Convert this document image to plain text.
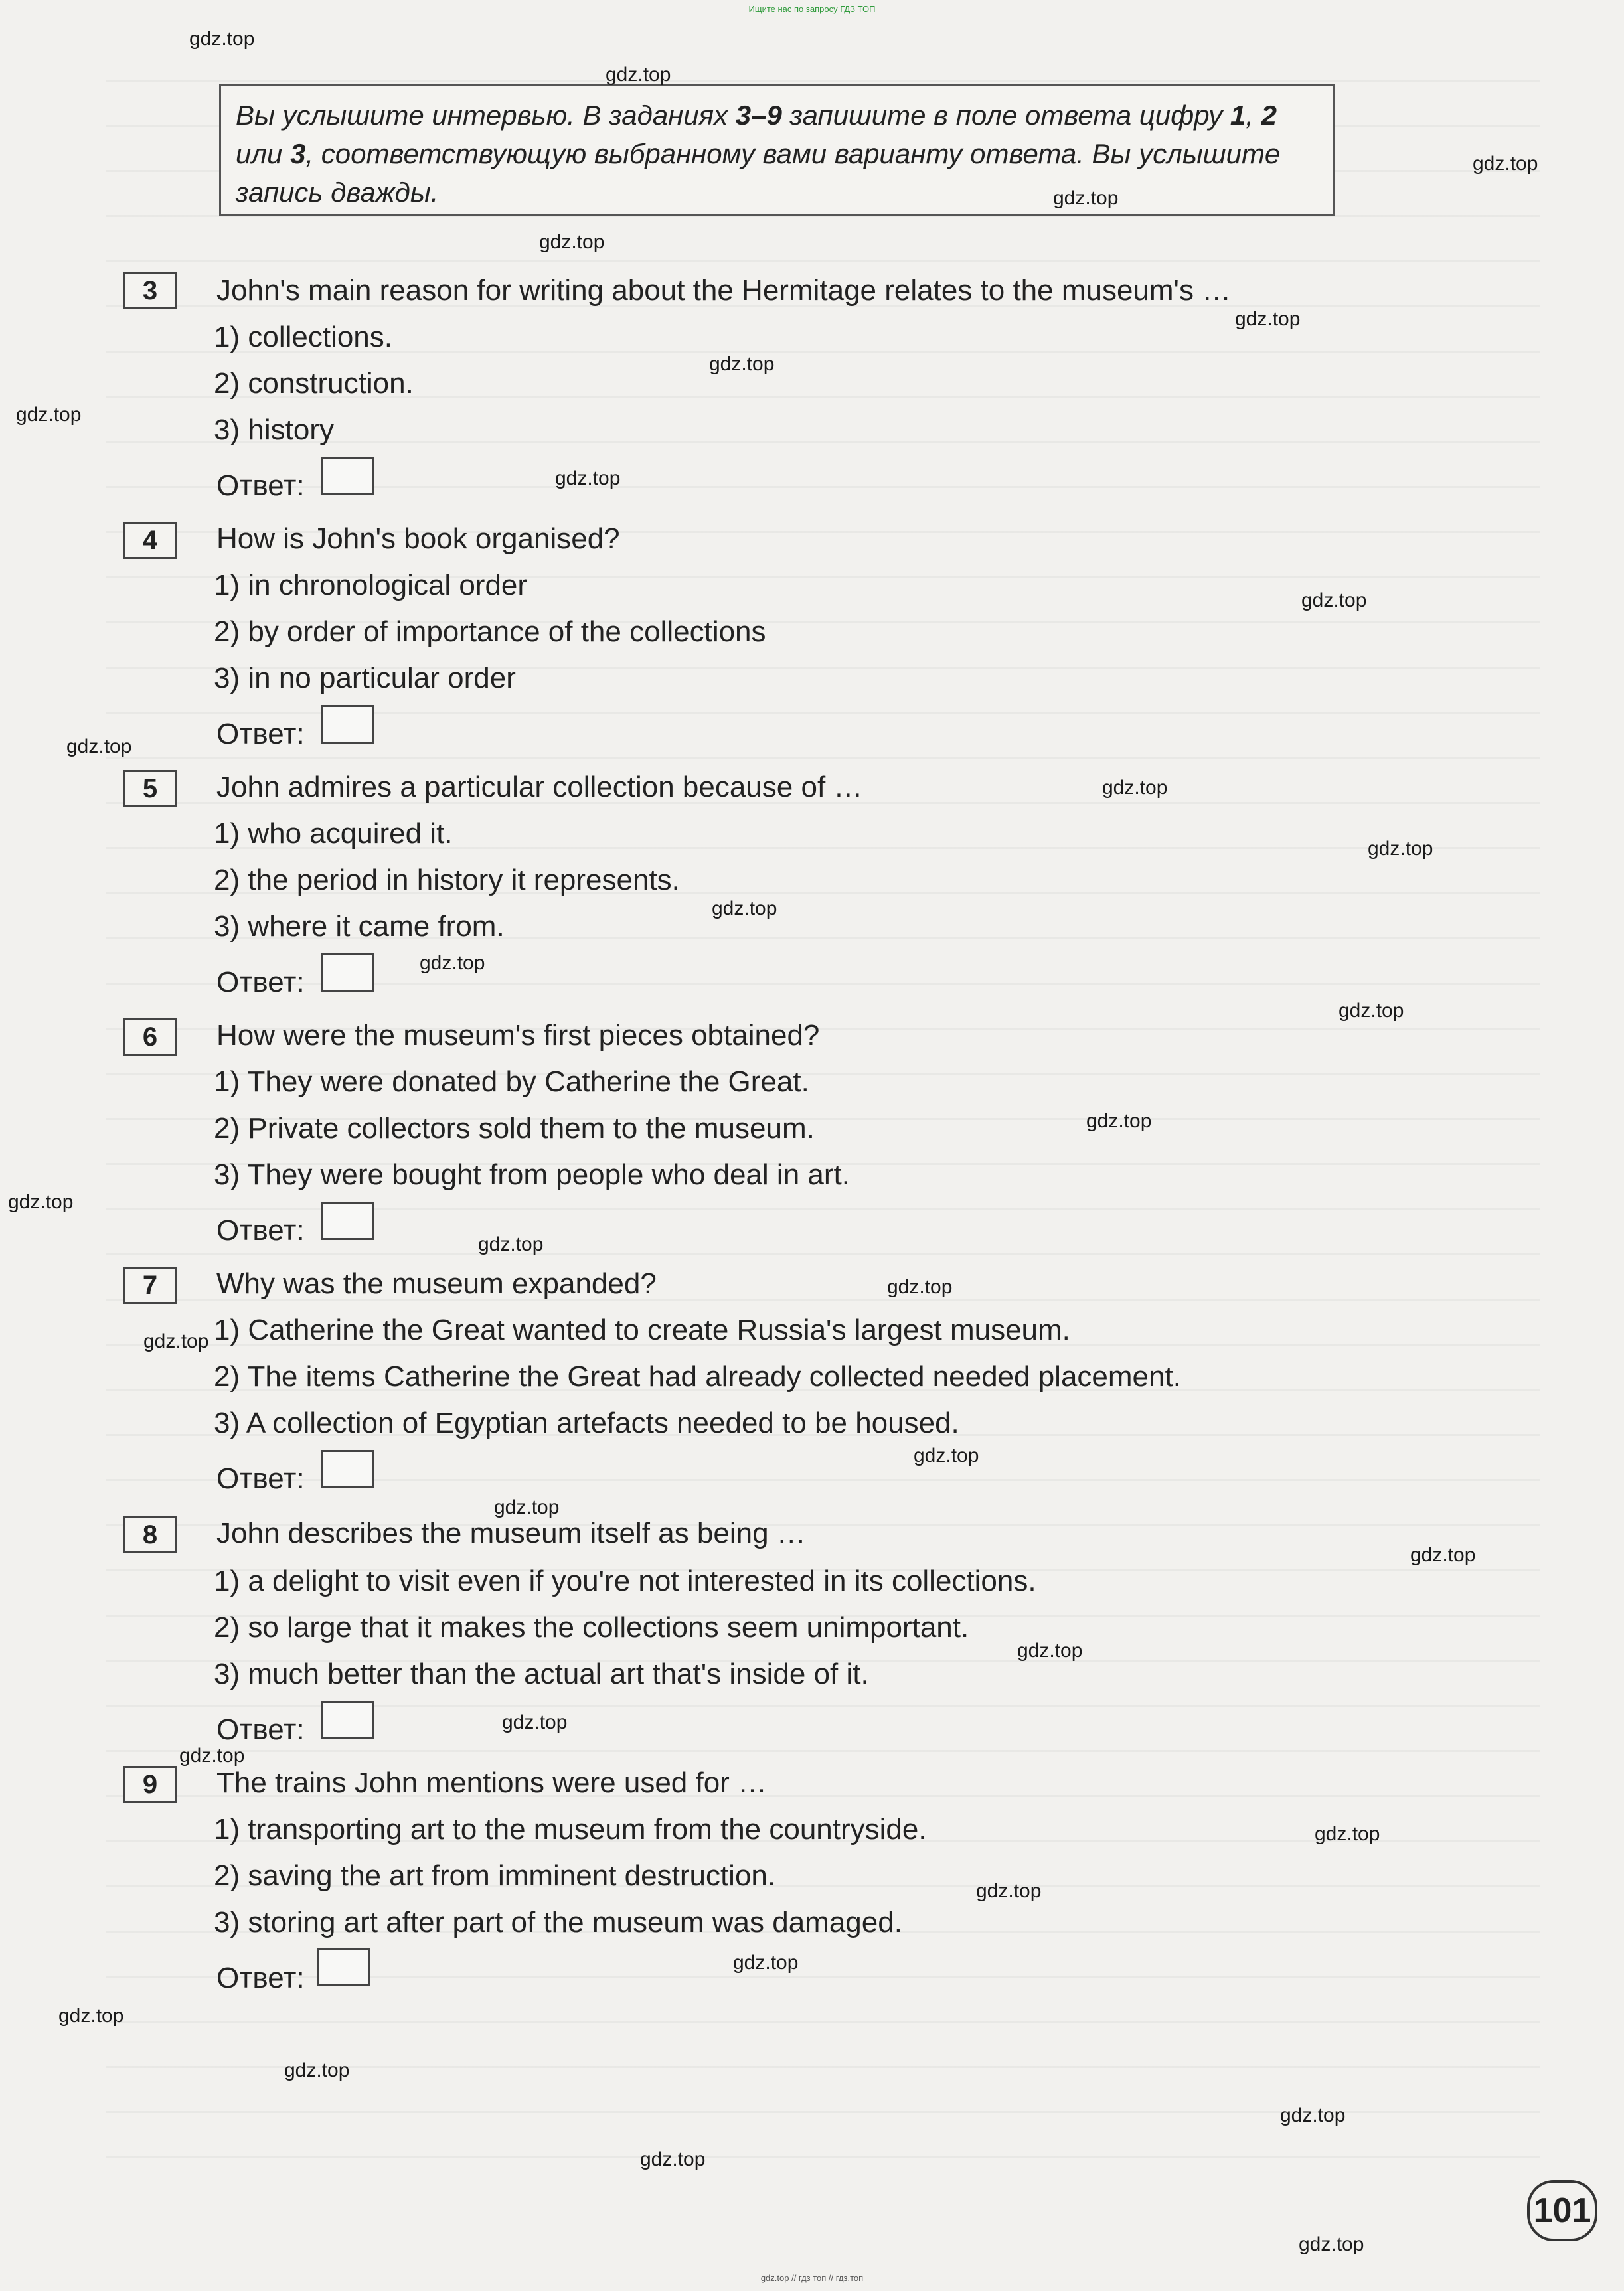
Ищите нас по запросу ГДЗ ТОП
Вы услышите интервью. В заданиях 3–9 запишите в поле ответа цифру 1, 2
или 3, соответствующую выбранному вами варианту ответа. Вы услышите
запись дважды.
3	John's main reason for writing about the Hermitage relates to the museum's …
1) collections.
2) construction.
3) history
Ответ:
4	How is John's book organised?
1) in chronological order
2) by order of importance of the collections
3) in no particular order
Ответ:
5	John admires a particular collection because of …
1) who acquired it.
2) the period in history it represents.
3) where it came from.
Ответ:
6	How were the museum's first pieces obtained?
1) They were donated by Catherine the Great.
2) Private collectors sold them to the museum.
3) They were bought from people who deal in art.
Ответ:
7	Why was the museum expanded?
1) Catherine the Great wanted to create Russia's largest museum.
2) The items Catherine the Great had already collected needed placement.
3) A collection of Egyptian artefacts needed to be housed.
Ответ:
8	John describes the museum itself as being …
1) a delight to visit even if you're not interested in its collections.
2) so large that it makes the collections seem unimportant.
3) much better than the actual art that's inside of it.
Ответ:
9	The trains John mentions were used for …
1) transporting art to the museum from the countryside.
2) saving the art from imminent destruction.
3) storing art after part of the museum was damaged.
Ответ:
101
gdz.top
gdz.top
gdz.top
gdz.top
gdz.top
gdz.top
gdz.top
gdz.top
gdz.top
gdz.top
gdz.top
gdz.top
gdz.top
gdz.top
gdz.top
gdz.top
gdz.top
gdz.top
gdz.top
gdz.top
gdz.top
gdz.top
gdz.top
gdz.top
gdz.top
gdz.top
gdz.top
gdz.top
gdz.top
gdz.top
gdz.top
gdz.top
gdz.top
gdz.top
gdz.top
gdz.top // гдз топ // гдз.топ
